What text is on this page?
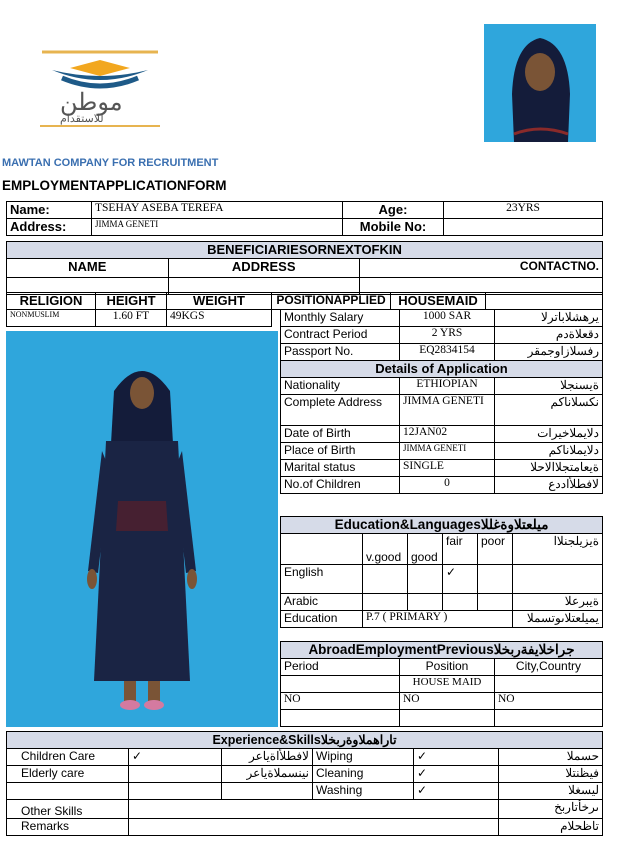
موطن
للاستقدام
MAWTAN COMPANY FOR RECRUITMENT
EMPLOYMENTAPPLICATIONFORM
Name:	TSEHAY ASEBA TEREFA	Age:	23YRS
Address:	JIMMA GENETI	Mobile No:	
BENEFICIARIESORNEXTOFKIN		
NAME	ADDRESS	CONTACTNO.

RELIGION	HEIGHT	WEIGHT	POSITIONAPPLIED	HOUSEMAID	
NONMUSLIM	1.60 FT	49KGS				Monthly Salary	1000 SAR	يرهشلاباترلا
Contract Period	2 YRS	دقعلاةدم
Passport No.	EQ2834154	رفسلازاوجمقر
Details of Application		
Nationality	ETHIOPIAN	ةيسنجلا
Complete Address	JIMMA GENETI	نكسلاناكم
Date of Birth	12JAN02	دلايملاخيرات
Place of Birth	JIMMA GENETI	دلايملاناكم
Marital status	SINGLE	ةيعامتجلاالاحلا
No.of Children	0	لافطلأاددع
Education&Languagesميلعتلاوةغللا					
	v.good	good	fair	poor	ةيزيلجنلاا
English			✓		
Arabic					ةيبرعلا
Education	P.7 ( PRIMARY )				يميلعتلاىوتسملا
AbroadEmploymentPreviousجراخلايفةربخلا		
Period	Position	City,Country
	HOUSE MAID	
NO	NO	NO

Experience&Skillsتاراهملاوةربخلا					
Children Care	✓	لافطلأاةياعر	Wiping	✓	حسملا
Elderly care		نينسملاةياعر	Cleaning	✓	فيظنتلا
			Washing	✓	ليسغلا
Other Skills					ىرخأتاربخ
Remarks					تاظحلام
